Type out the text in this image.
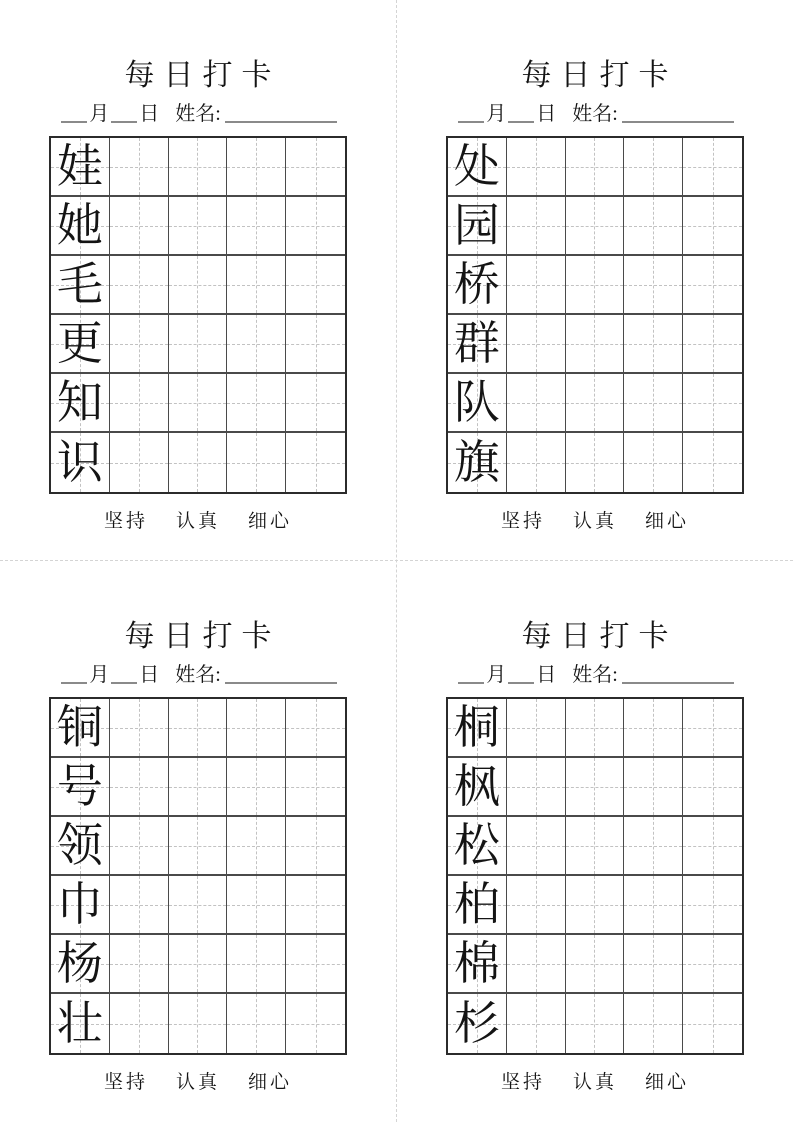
每日打卡
月 日 姓名:
娃
她
毛
更
知
识
坚持 认真 细心
每日打卡
月 日 姓名:
处
园
桥
群
队
旗
坚持 认真 细心
每日打卡
月 日 姓名:
铜
号
领
巾
杨
壮
坚持 认真 细心
每日打卡
月 日 姓名:
桐
枫
松
柏
棉
杉
坚持 认真 细心
